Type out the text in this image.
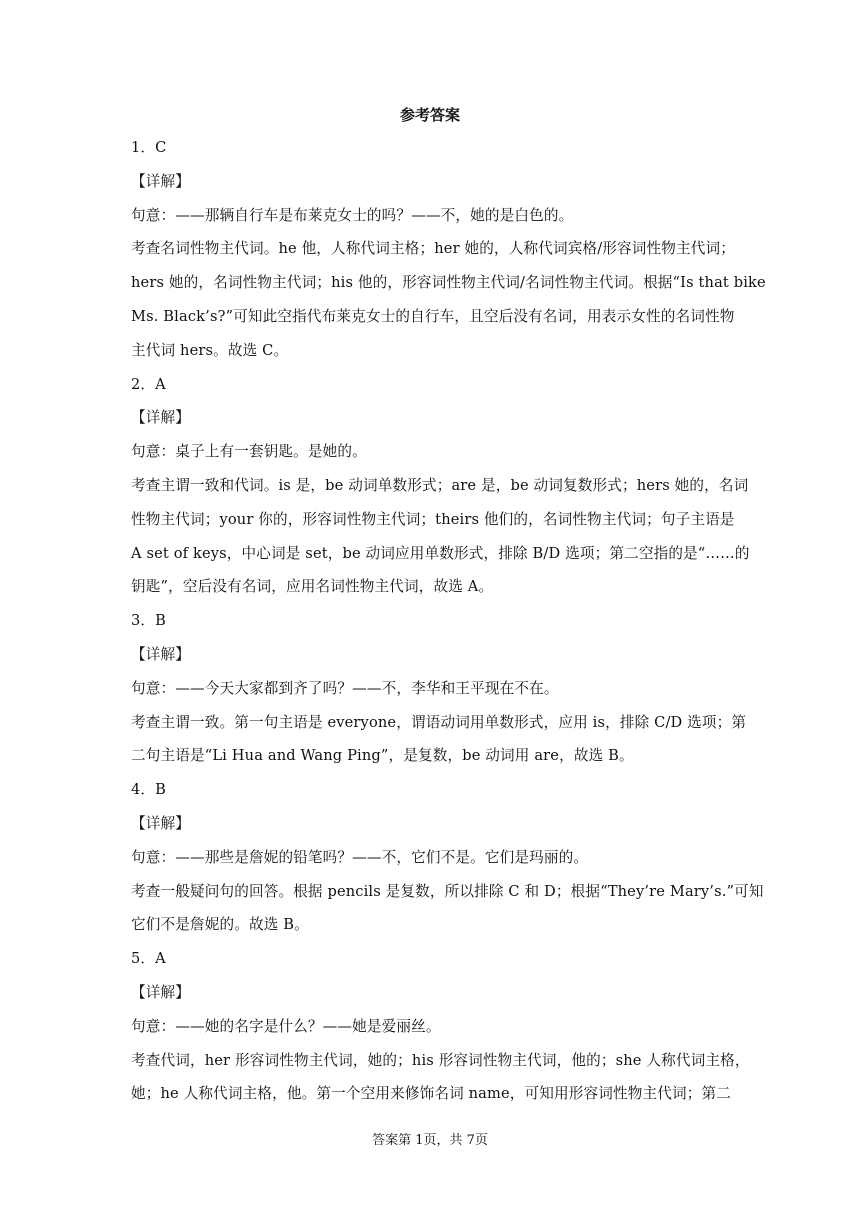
参考答案
1．C
【详解】
句意：——那辆自行车是布莱克女士的吗？——不，她的是白色的。
考查名词性物主代词。he 他，人称代词主格；her 她的，人称代词宾格/形容词性物主代词；
hers 她的，名词性物主代词；his 他的，形容词性物主代词/名词性物主代词。根据“Is that bike
Ms. Black’s?”可知此空指代布莱克女士的自行车，且空后没有名词，用表示女性的名词性物
主代词 hers。故选 C。
2．A
【详解】
句意：桌子上有一套钥匙。是她的。
考查主谓一致和代词。is 是，be 动词单数形式；are 是，be 动词复数形式；hers 她的，名词
性物主代词；your 你的，形容词性物主代词；theirs 他们的，名词性物主代词；句子主语是
A set of keys，中心词是 set，be 动词应用单数形式，排除 B/D 选项；第二空指的是“……的
钥匙”，空后没有名词，应用名词性物主代词，故选 A。
3．B
【详解】
句意：——今天大家都到齐了吗？——不，李华和王平现在不在。
考查主谓一致。第一句主语是 everyone，谓语动词用单数形式，应用 is，排除 C/D 选项；第
二句主语是“Li Hua and Wang Ping”，是复数，be 动词用 are，故选 B。
4．B
【详解】
句意：——那些是詹妮的铅笔吗？——不，它们不是。它们是玛丽的。
考查一般疑问句的回答。根据 pencils 是复数，所以排除 C 和 D；根据“They’re Mary’s.”可知
它们不是詹妮的。故选 B。
5．A
【详解】
句意：——她的名字是什么？——她是爱丽丝。
考查代词，her 形容词性物主代词，她的；his 形容词性物主代词，他的；she 人称代词主格，
她；he 人称代词主格，他。第一个空用来修饰名词 name，可知用形容词性物主代词；第二
答案第 1页，共 7页
